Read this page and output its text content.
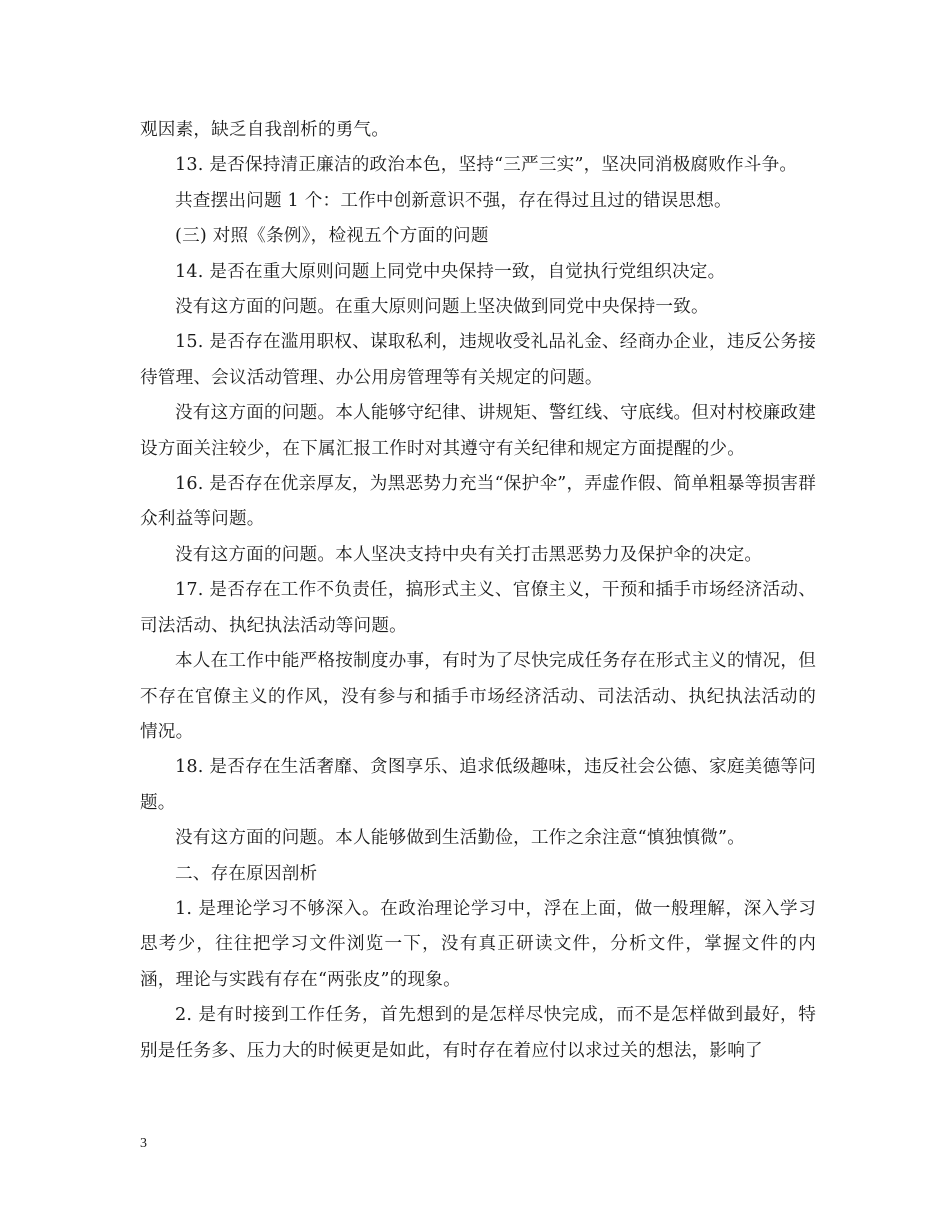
观因素，缺乏自我剖析的勇气。

13. 是否保持清正廉洁的政治本色，坚持“三严三实”，坚决同消极腐败作斗争。

共查摆出问题 1 个：工作中创新意识不强，存在得过且过的错误思想。

(三) 对照《条例》，检视五个方面的问题

14. 是否在重大原则问题上同党中央保持一致，自觉执行党组织决定。

没有这方面的问题。在重大原则问题上坚决做到同党中央保持一致。

15. 是否存在滥用职权、谋取私利，违规收受礼品礼金、经商办企业，违反公务接待管理、会议活动管理、办公用房管理等有关规定的问题。

没有这方面的问题。本人能够守纪律、讲规矩、警红线、守底线。但对村校廉政建设方面关注较少，在下属汇报工作时对其遵守有关纪律和规定方面提醒的少。

16. 是否存在优亲厚友，为黑恶势力充当“保护伞”，弄虚作假、简单粗暴等损害群众利益等问题。

没有这方面的问题。本人坚决支持中央有关打击黑恶势力及保护伞的决定。

17. 是否存在工作不负责任，搞形式主义、官僚主义，干预和插手市场经济活动、司法活动、执纪执法活动等问题。

本人在工作中能严格按制度办事，有时为了尽快完成任务存在形式主义的情况，但不存在官僚主义的作风，没有参与和插手市场经济活动、司法活动、执纪执法活动的情况。

18. 是否存在生活奢靡、贪图享乐、追求低级趣味，违反社会公德、家庭美德等问题。

没有这方面的问题。本人能够做到生活勤俭，工作之余注意“慎独慎微”。

二、存在原因剖析

1. 是理论学习不够深入。在政治理论学习中，浮在上面，做一般理解，深入学习思考少，往往把学习文件浏览一下，没有真正研读文件，分析文件，掌握文件的内涵，理论与实践有存在“两张皮”的现象。

2. 是有时接到工作任务，首先想到的是怎样尽快完成，而不是怎样做到最好，特别是任务多、压力大的时候更是如此，有时存在着应付以求过关的想法，影响了

3
